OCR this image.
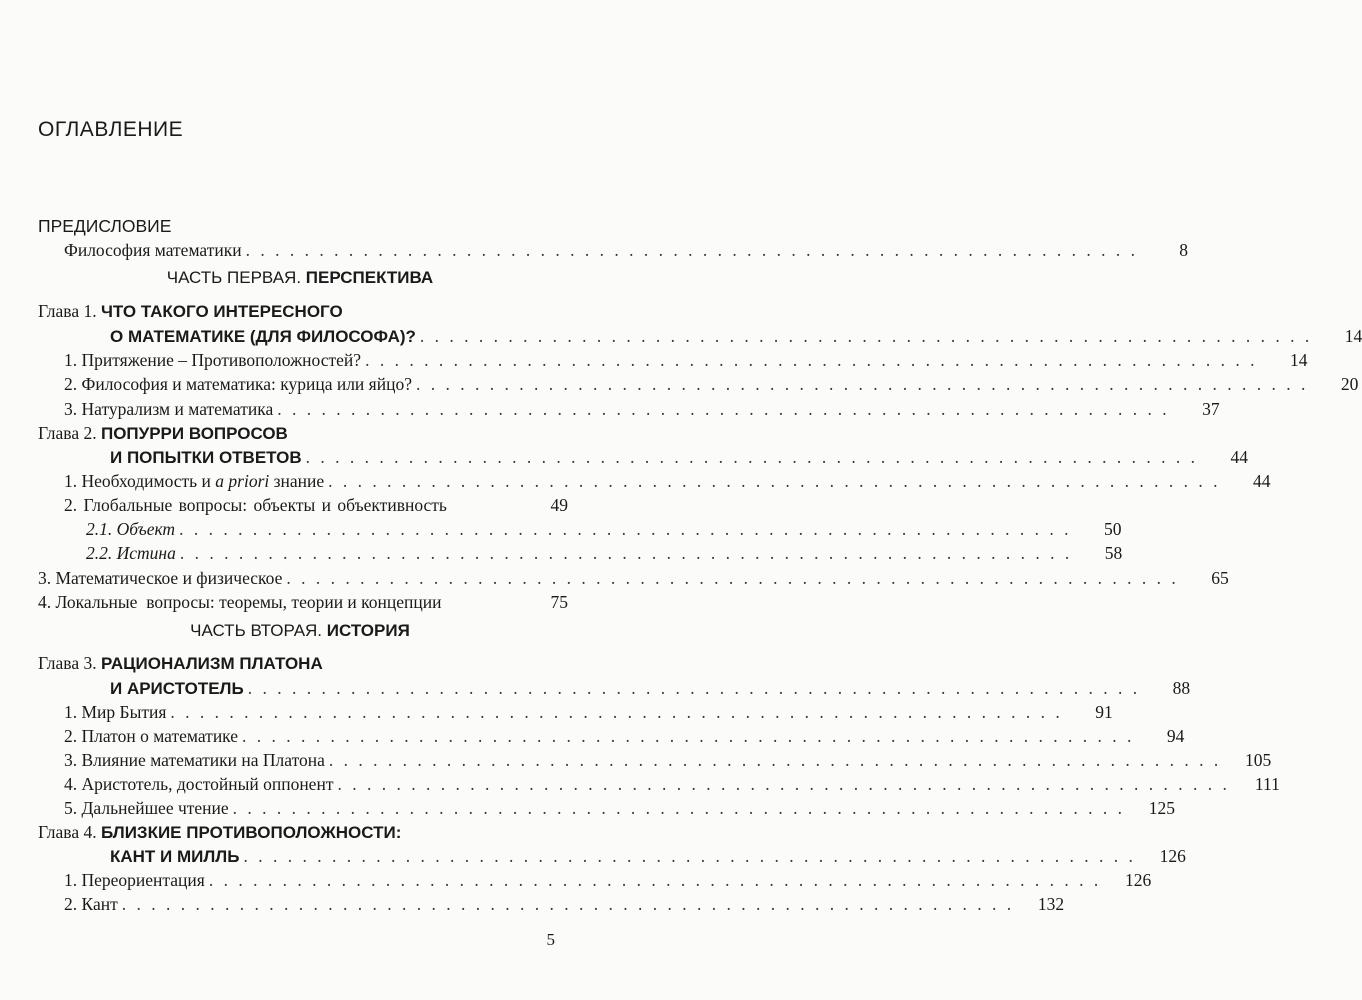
ОГЛАВЛЕНИЕ
ПРЕДИСЛОВИЕ
Философия математики . . . . . . . . . . . . . . . . . . . . . . . . . . . . . . . . . . . . . . . . . . . . . . . . . . . . . . . . . . . . .	8
ЧАСТЬ ПЕРВАЯ. ПЕРСПЕКТИВА
Глава 1. ЧТО ТАКОГО ИНТЕРЕСНОГО
О МАТЕМАТИКЕ (ДЛЯ ФИЛОСОФА)? . . . . . . . . . . . . . . . . . . . . . . . . . . . . . . . . . . . . . . . . . . . . . . . . . . . . . . . . . . . . .	14
1. Притяжение – Противоположностей? . . . . . . . . . . . . . . . . . . . . . . . . . . . . . . . . . . . . . . . . . . . . . . . . . . . . . . . . . . . . .	14
2. Философия и математика: курица или яйцо? . . . . . . . . . . . . . . . . . . . . . . . . . . . . . . . . . . . . . . . . . . . . . . . . . . . . . . . . . . . . .	20
3. Натурализм и математика . . . . . . . . . . . . . . . . . . . . . . . . . . . . . . . . . . . . . . . . . . . . . . . . . . . . . . . . . . . . .	37
Глава 2. ПОПУРРИ ВОПРОСОВ
И ПОПЫТКИ ОТВЕТОВ . . . . . . . . . . . . . . . . . . . . . . . . . . . . . . . . . . . . . . . . . . . . . . . . . . . . . . . . . . . . .	44
1. Необходимость и a priori знание . . . . . . . . . . . . . . . . . . . . . . . . . . . . . . . . . . . . . . . . . . . . . . . . . . . . . . . . . . . . .	44
2. Глобальные вопросы: объекты и объективность	49
2.1. Объект . . . . . . . . . . . . . . . . . . . . . . . . . . . . . . . . . . . . . . . . . . . . . . . . . . . . . . . . . . . . .	50
2.2. Истина . . . . . . . . . . . . . . . . . . . . . . . . . . . . . . . . . . . . . . . . . . . . . . . . . . . . . . . . . . . . .	58
3. Математическое и физическое . . . . . . . . . . . . . . . . . . . . . . . . . . . . . . . . . . . . . . . . . . . . . . . . . . . . . . . . . . . . .	65
4. Локальные  вопросы: теоремы, теории и концепции	75
ЧАСТЬ ВТОРАЯ. ИСТОРИЯ
Глава 3. РАЦИОНАЛИЗМ ПЛАТОНА
И АРИСТОТЕЛЬ . . . . . . . . . . . . . . . . . . . . . . . . . . . . . . . . . . . . . . . . . . . . . . . . . . . . . . . . . . . . .	88
1. Мир Бытия . . . . . . . . . . . . . . . . . . . . . . . . . . . . . . . . . . . . . . . . . . . . . . . . . . . . . . . . . . . . .	91
2. Платон о математике . . . . . . . . . . . . . . . . . . . . . . . . . . . . . . . . . . . . . . . . . . . . . . . . . . . . . . . . . . . . .	94
3. Влияние математики на Платона . . . . . . . . . . . . . . . . . . . . . . . . . . . . . . . . . . . . . . . . . . . . . . . . . . . . . . . . . . . . .	105
4. Аристотель, достойный оппонент . . . . . . . . . . . . . . . . . . . . . . . . . . . . . . . . . . . . . . . . . . . . . . . . . . . . . . . . . . . . .	111
5. Дальнейшее чтение . . . . . . . . . . . . . . . . . . . . . . . . . . . . . . . . . . . . . . . . . . . . . . . . . . . . . . . . . . . . .	125
Глава 4. БЛИЗКИЕ ПРОТИВОПОЛОЖНОСТИ:
КАНТ И МИЛЛЬ . . . . . . . . . . . . . . . . . . . . . . . . . . . . . . . . . . . . . . . . . . . . . . . . . . . . . . . . . . . . .	126
1. Переориентация . . . . . . . . . . . . . . . . . . . . . . . . . . . . . . . . . . . . . . . . . . . . . . . . . . . . . . . . . . . . .	126
2. Кант . . . . . . . . . . . . . . . . . . . . . . . . . . . . . . . . . . . . . . . . . . . . . . . . . . . . . . . . . . . . .	132
5
